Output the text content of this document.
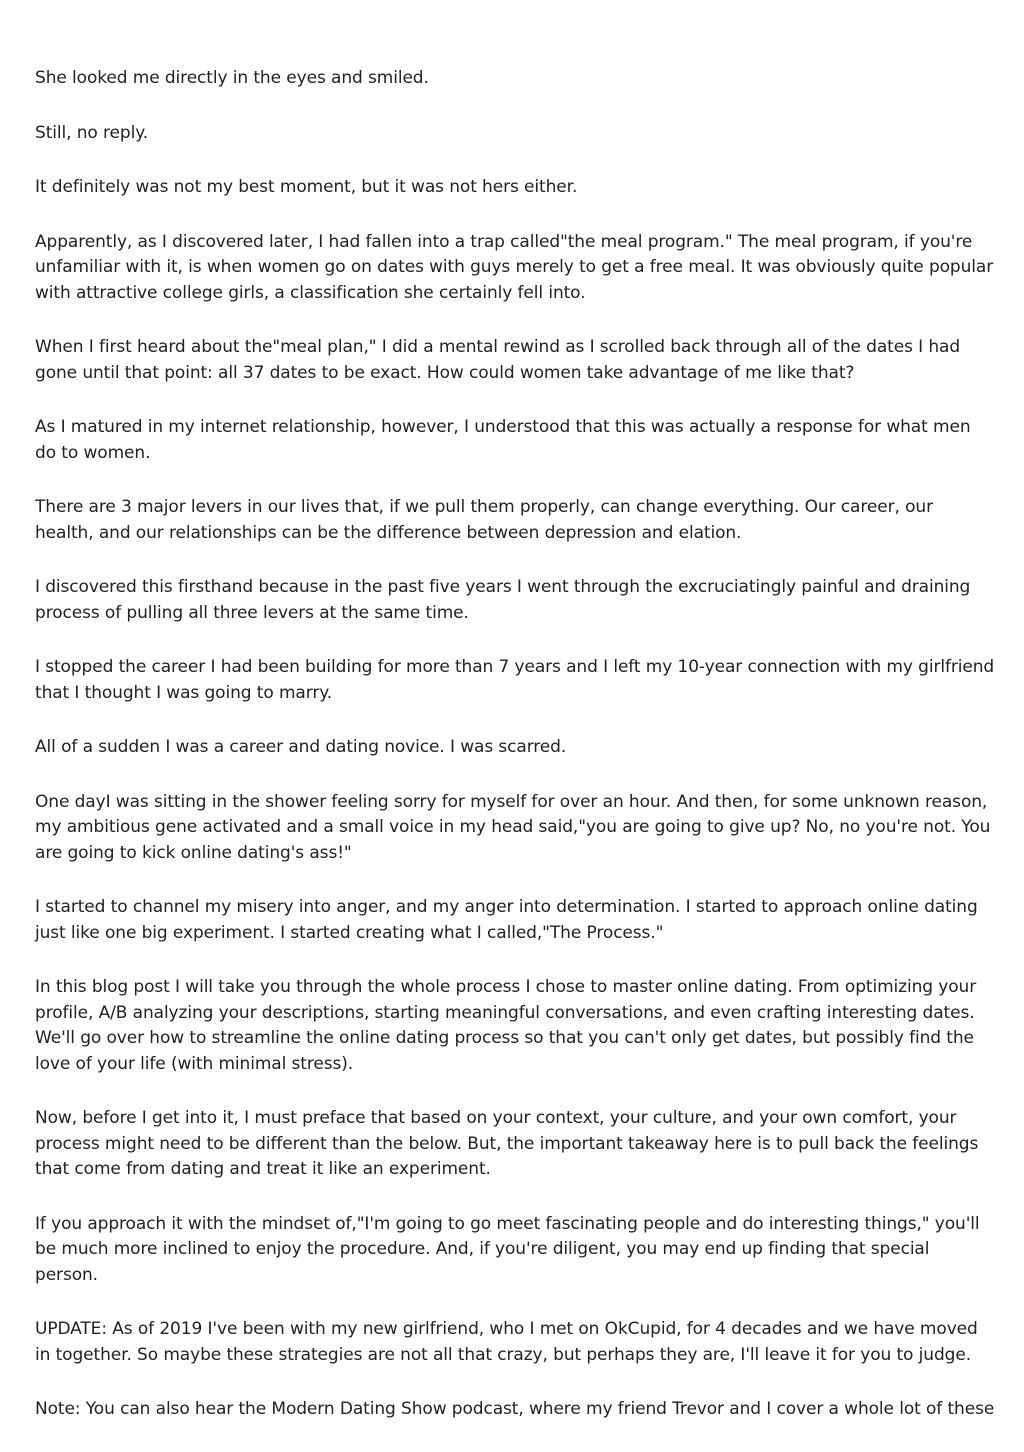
She looked me directly in the eyes and smiled.

Still, no reply.

It definitely was not my best moment, but it was not hers either.

Apparently, as I discovered later, I had fallen into a trap called"the meal program." The meal program, if you're unfamiliar with it, is when women go on dates with guys merely to get a free meal. It was obviously quite popular with attractive college girls, a classification she certainly fell into.

When I first heard about the"meal plan," I did a mental rewind as I scrolled back through all of the dates I had gone until that point: all 37 dates to be exact. How could women take advantage of me like that?

As I matured in my internet relationship, however, I understood that this was actually a response for what men do to women.

There are 3 major levers in our lives that, if we pull them properly, can change everything. Our career, our health, and our relationships can be the difference between depression and elation.

I discovered this firsthand because in the past five years I went through the excruciatingly painful and draining process of pulling all three levers at the same time.

I stopped the career I had been building for more than 7 years and I left my 10-year connection with my girlfriend that I thought I was going to marry.

All of a sudden I was a career and dating novice. I was scarred.

One dayI was sitting in the shower feeling sorry for myself for over an hour. And then, for some unknown reason, my ambitious gene activated and a small voice in my head said,"you are going to give up? No, no you're not. You are going to kick online dating's ass!"

I started to channel my misery into anger, and my anger into determination. I started to approach online dating just like one big experiment. I started creating what I called,"The Process."

In this blog post I will take you through the whole process I chose to master online dating. From optimizing your profile, A/B analyzing your descriptions, starting meaningful conversations, and even crafting interesting dates. We'll go over how to streamline the online dating process so that you can't only get dates, but possibly find the love of your life (with minimal stress).

Now, before I get into it, I must preface that based on your context, your culture, and your own comfort, your process might need to be different than the below. But, the important takeaway here is to pull back the feelings that come from dating and treat it like an experiment.

If you approach it with the mindset of,"I'm going to go meet fascinating people and do interesting things," you'll be much more inclined to enjoy the procedure. And, if you're diligent, you may end up finding that special person.

UPDATE: As of 2019 I've been with my new girlfriend, who I met on OkCupid, for 4 decades and we have moved in together. So maybe these strategies are not all that crazy, but perhaps they are, I'll leave it for you to judge.

Note: You can also hear the Modern Dating Show podcast, where my friend Trevor and I cover a whole lot of these
